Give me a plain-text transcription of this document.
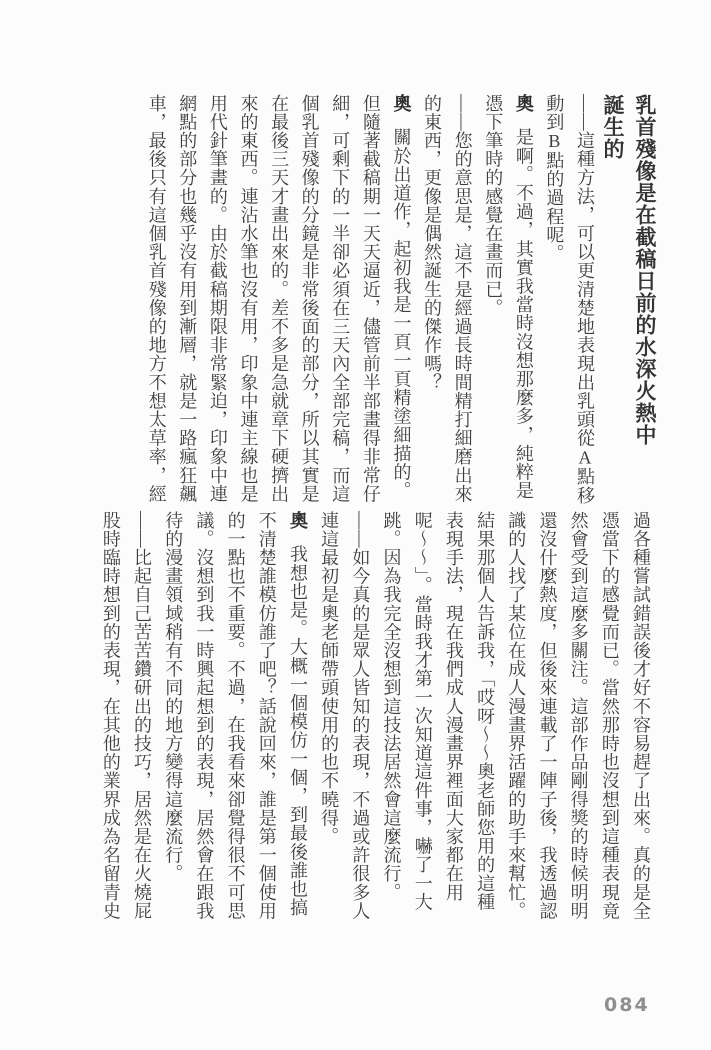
乳首殘像是在截稿日前的水深火熱中
誕生的
——這種方法，可以更清楚地表現出乳頭從A點移
動到B點的過程呢。
奧是啊。不過，其實我當時沒想那麼多，純粹是
憑下筆時的感覺在畫而已。
——您的意思是，這不是經過長時間精打細磨出來
的東西，更像是偶然誕生的傑作嗎？
奧關於出道作，起初我是一頁一頁精塗細描的。
但隨著截稿期一天天逼近，儘管前半部畫得非常仔
細，可剩下的一半卻必須在三天內全部完稿，而這
個乳首殘像的分鏡是非常後面的部分，所以其實是
在最後三天才畫出來的。差不多是急就章下硬擠出
來的東西。連沾水筆也沒有用，印象中連主線也是
用代針筆畫的。由於截稿期限非常緊迫，印象中連
網點的部分也幾乎沒有用到漸層，就是一路瘋狂飆
車，最後只有這個乳首殘像的地方不想太草率，經
過各種嘗試錯誤後才好不容易趕了出來。真的是全
憑當下的感覺而已。當然那時也沒想到這種表現竟
然會受到這麼多關注。這部作品剛得獎的時候明明
還沒什麼熱度，但後來連載了一陣子後，我透過認
識的人找了某位在成人漫畫界活躍的助手來幫忙。
結果那個人告訴我，「哎呀～～奧老師您用的這種
表現手法，現在我們成人漫畫界裡面大家都在用
呢～～」。當時我才第一次知道這件事，嚇了一大
跳。因為我完全沒想到這技法居然會這麼流行。
——如今真的是眾人皆知的表現，不過或許很多人
連這最初是奧老師帶頭使用的也不曉得。
奧我想也是。大概一個模仿一個，到最後誰也搞
不清楚誰模仿誰了吧？話說回來，誰是第一個使用
的一點也不重要。不過，在我看來卻覺得很不可思
議。沒想到我一時興起想到的表現，居然會在跟我
待的漫畫領域稍有不同的地方變得這麼流行。
——比起自己苦苦鑽研出的技巧，居然是在火燒屁
股時臨時想到的表現，在其他的業界成為名留青史
084
